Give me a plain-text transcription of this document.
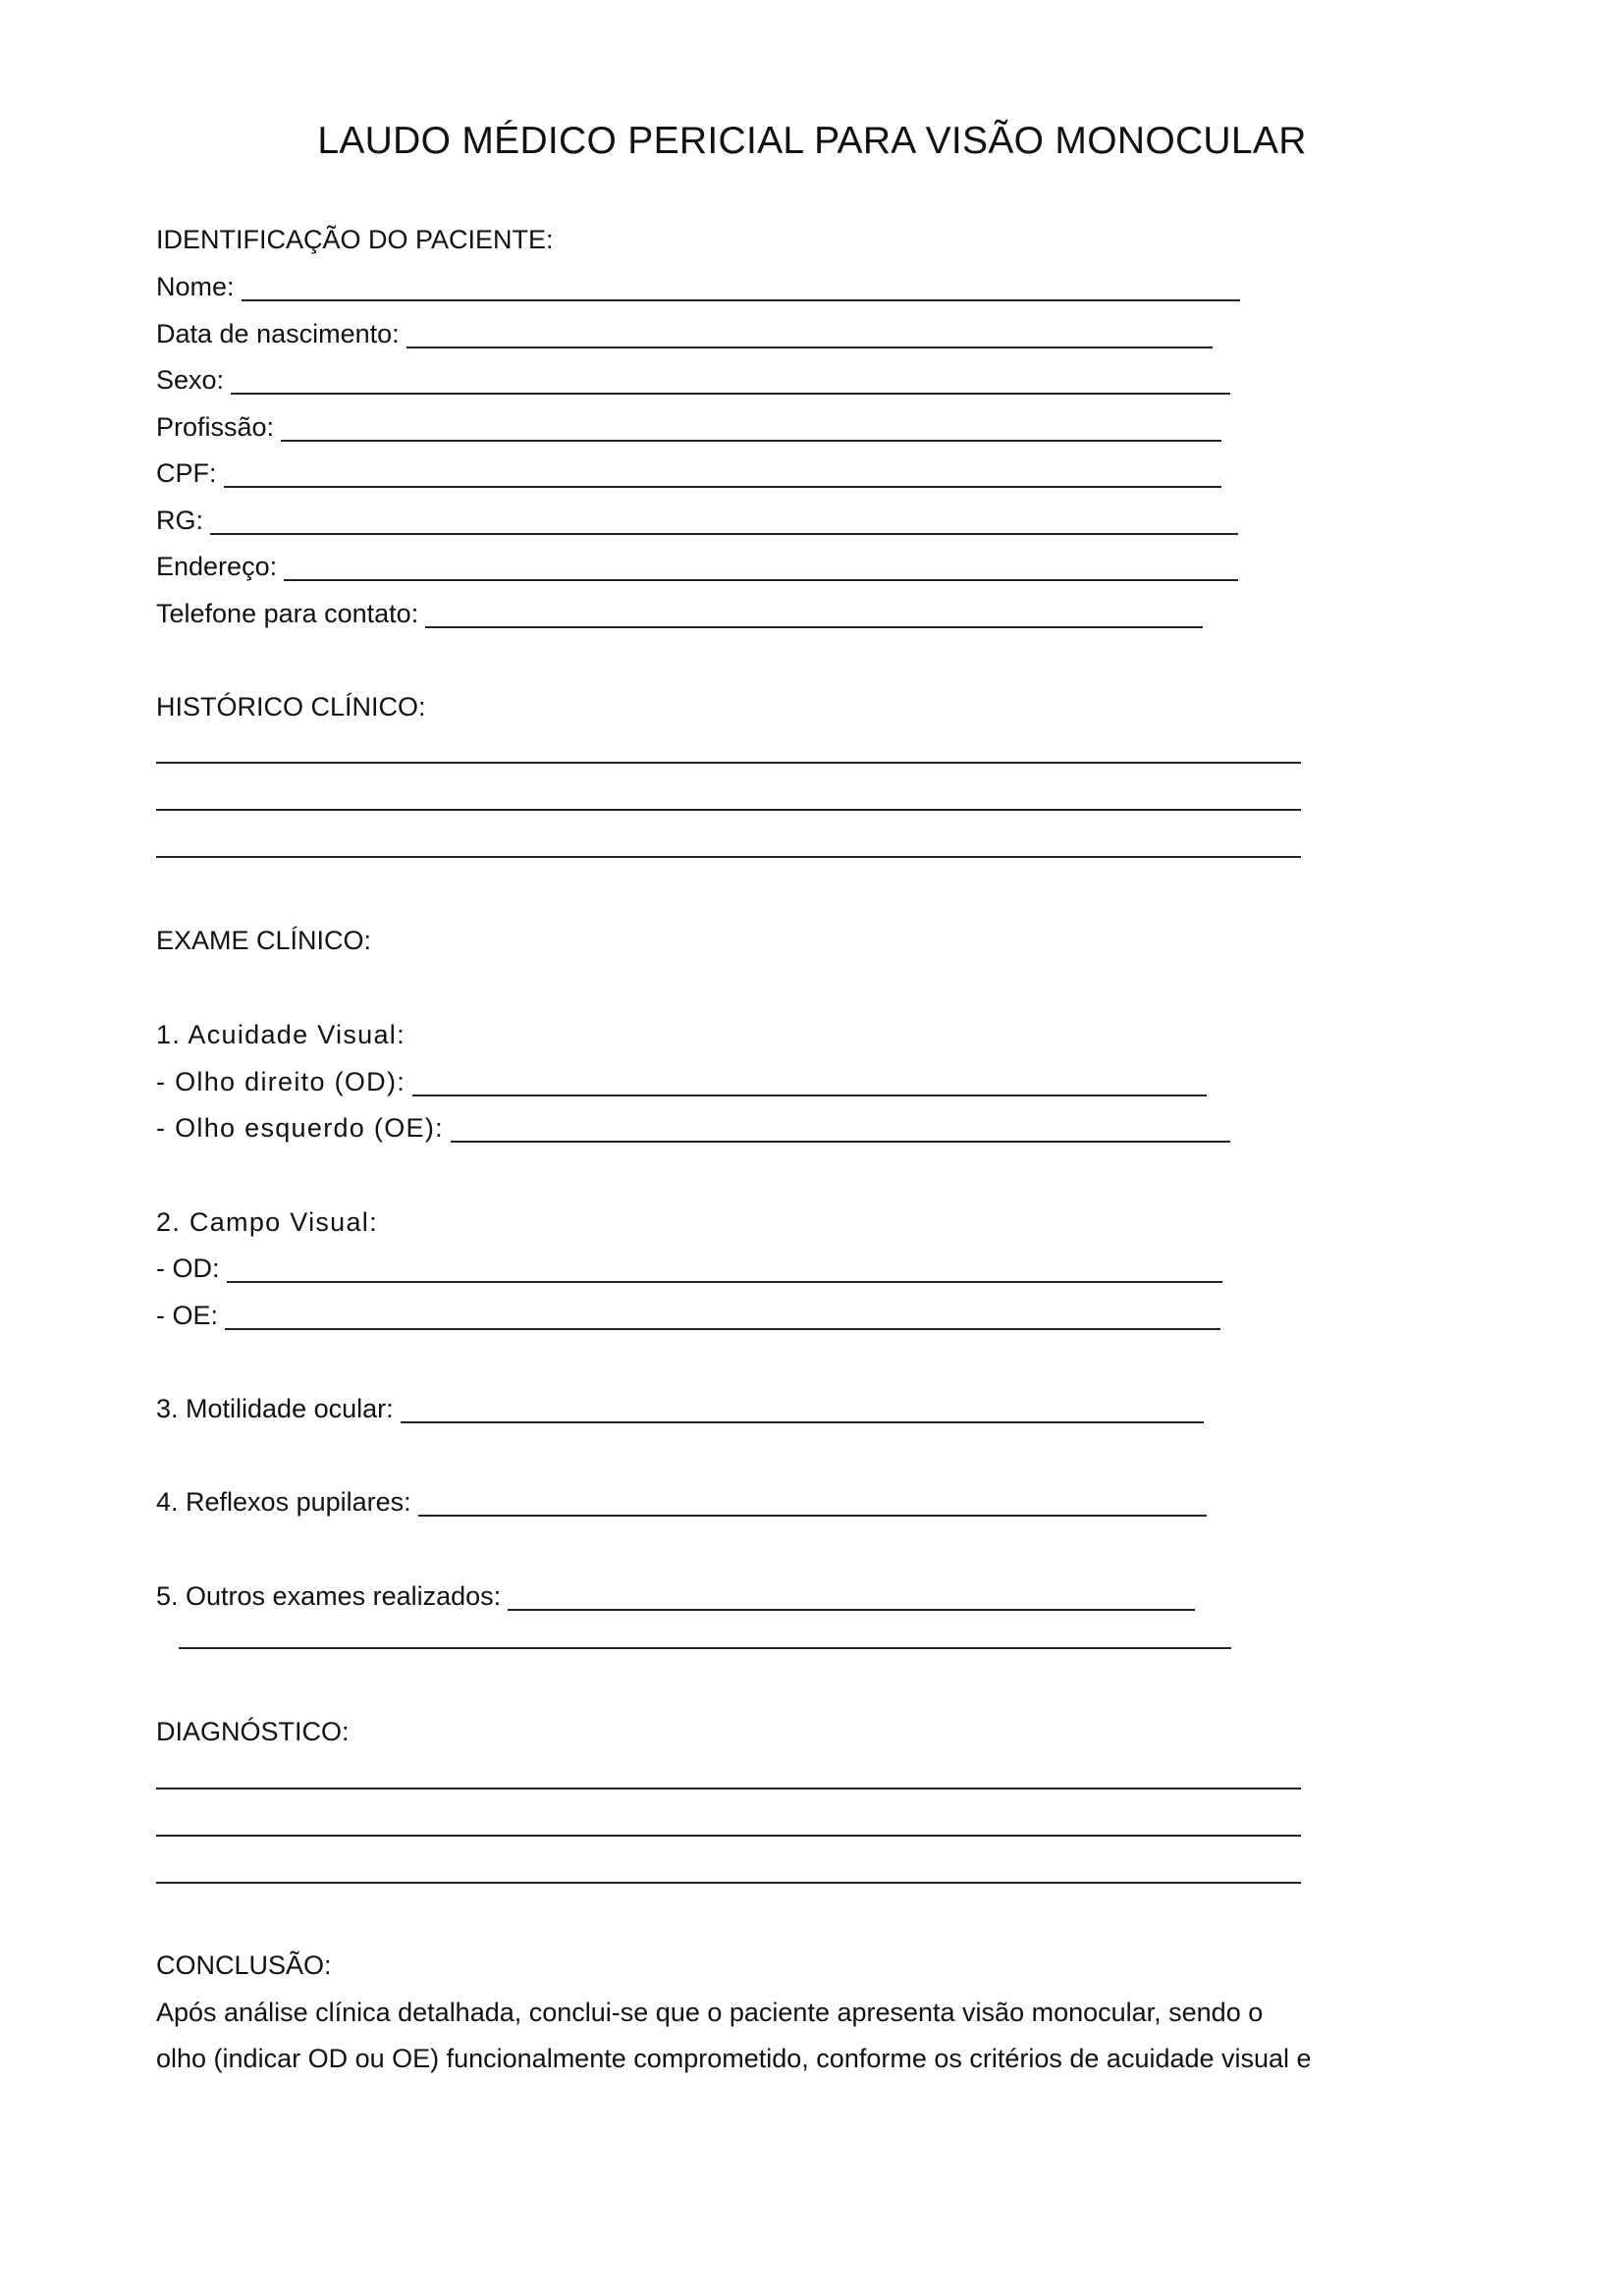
LAUDO MÉDICO PERICIAL PARA VISÃO MONOCULAR
IDENTIFICAÇÃO DO PACIENTE:
Nome:
Data de nascimento:
Sexo:
Profissão:
CPF:
RG:
Endereço:
Telefone para contato:
HISTÓRICO CLÍNICO:
EXAME CLÍNICO:
1. Acuidade Visual:
- Olho direito (OD):
- Olho esquerdo (OE):
2. Campo Visual:
- OD:
- OE:
3. Motilidade ocular:
4. Reflexos pupilares:
5. Outros exames realizados:
DIAGNÓSTICO:
CONCLUSÃO:
Após análise clínica detalhada, conclui-se que o paciente apresenta visão monocular, sendo o
olho (indicar OD ou OE) funcionalmente comprometido, conforme os critérios de acuidade visual e
